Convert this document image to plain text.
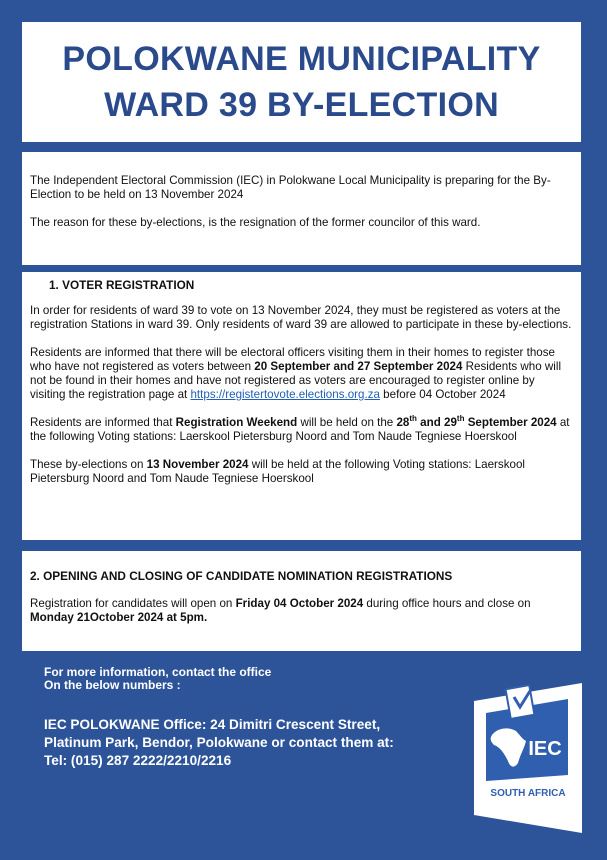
POLOKWANE MUNICIPALITY
WARD 39 BY-ELECTION

The Independent Electoral Commission (IEC) in Polokwane Local Municipality is preparing for the By-Election to be held on 13 November 2024

The reason for these by-elections, is the resignation of the former councilor of this ward.

1. VOTER REGISTRATION

In order for residents of ward 39 to vote on 13 November 2024, they must be registered as voters at the registration Stations in ward 39. Only residents of ward 39 are allowed to participate in these by-elections.

Residents are informed that there will be electoral officers visiting them in their homes to register those who have not registered as voters between 20 September and 27 September 2024 Residents who will not be found in their homes and have not registered as voters are encouraged to register online by visiting the registration page at https://registertovote.elections.org.za before 04 October 2024

Residents are informed that Registration Weekend will be held on the 28th and 29th September 2024 at the following Voting stations: Laerskool Pietersburg Noord and Tom Naude Tegniese Hoerskool

These by-elections on 13 November 2024 will be held at the following Voting stations: Laerskool Pietersburg Noord and Tom Naude Tegniese Hoerskool

2. OPENING AND CLOSING OF CANDIDATE NOMINATION REGISTRATIONS

Registration for candidates will open on Friday 04 October 2024 during office hours and close on Monday 21October 2024 at 5pm.

For more information, contact the office
On the below numbers :
IEC POLOKWANE Office: 24 Dimitri Crescent Street,
Platinum Park, Bendor, Polokwane or contact them at:
Tel: (015) 287 2222/2210/2216
IEC
SOUTH AFRICA
